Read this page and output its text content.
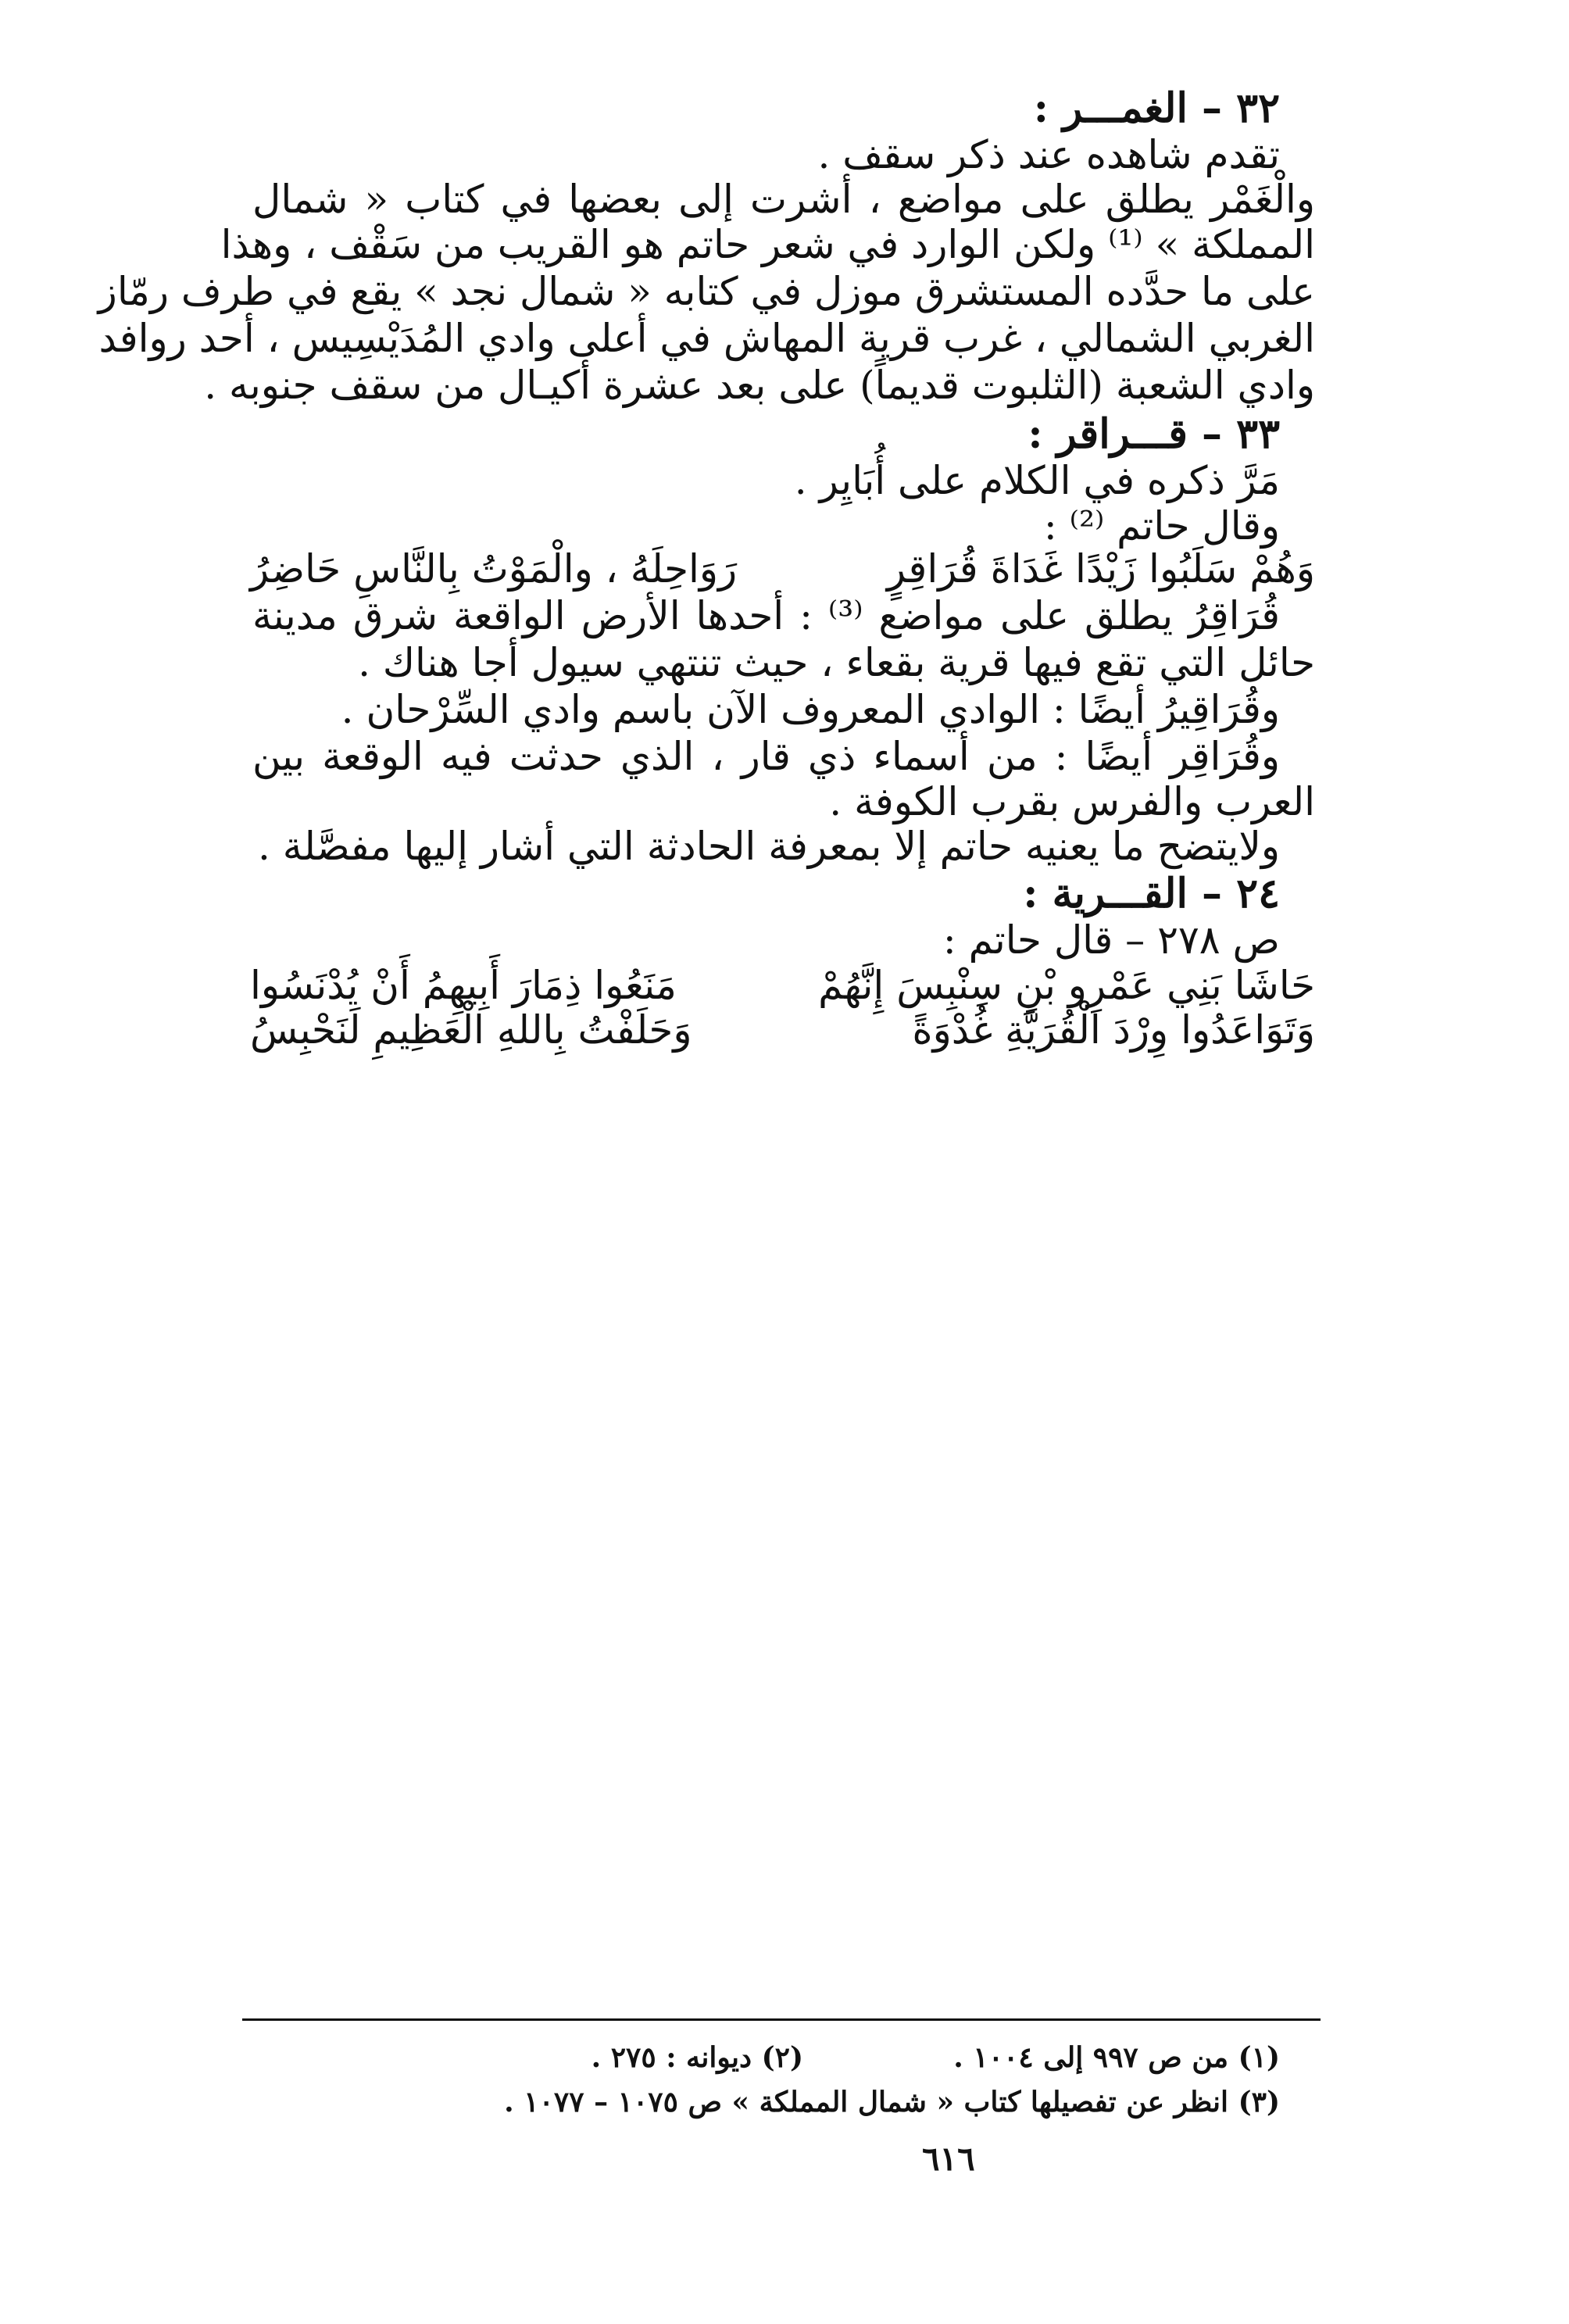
٣٢ – الغمـــر :
تقدم شاهده عند ذكر سقف .
والْغَمْر يطلق على مواضع ، أشرت إلى بعضها في كتاب « شمال
المملكة » ⁽¹⁾ ولكن الوارد في شعر حاتم هو القريب من سَقْف ، وهذا
على ما حدَّده المستشرق موزل في كتابه « شمال نجد » يقع في طرف رمّاز
الغربي الشمالي ، غرب قرية المهاش في أعلى وادي المُدَيْسِيس ، أحد روافد
وادي الشعبة (الثلبوت قديماً) على بعد عشرة أكيـال من سقف جنوبه .
٣٣ – قـــراقر :
مَرَّ ذكره في الكلام على أُبَايِر .
وقال حاتم ⁽²⁾ :
وَهُمْ سَلَبُوا زَيْدًا غَدَاةَ قُرَاقِرٍ
رَوَاحِلَهُ ، والْمَوْتُ بِالنَّاسِ حَاضِرُ
قُرَاقِرُ يطلق على مواضع ⁽³⁾ : أحدها الأرض الواقعة شرق مدينة
حائل التي تقع فيها قرية بقعاء ، حيث تنتهي سيول أجا هناك .
وقُرَاقِيرُ أيضًا : الوادي المعروف الآن باسم وادي السِّرْحان .
وقُرَاقِر أيضًا : من أسماء ذي قار ، الذي حدثت فيه الوقعة بين
العرب والفرس بقرب الكوفة .
ولايتضح ما يعنيه حاتم إلا بمعرفة الحادثة التي أشار إليها مفصَّلة .
٢٤ – القـــرية :
ص ٢٧٨ – قال حاتم :
حَاشَا بَنِي عَمْرِو بْنِ سِنْبِسَ إِنَّهُمْ
مَنَعُوا ذِمَارَ أَبِيهِمُ أَنْ يُدْنَسُوا
وَتَوَاعَدُوا وِرْدَ الْقُرَيَّةِ غُدْوَةً
وَحَلَفْتُ بِاللهِ الْعَظِيمِ لَنَحْبِسُ
(١) من ص ٩٩٧ إلى ١٠٠٤ .
(٢) ديوانه : ٢٧٥ .
(٣) انظر عن تفصيلها كتاب « شمال المملكة » ص ١٠٧٥ – ١٠٧٧ .
٦١٦
